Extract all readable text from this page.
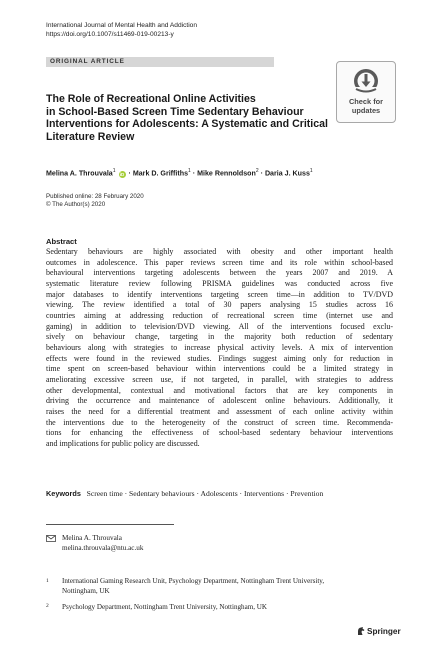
International Journal of Mental Health and Addiction
https://doi.org/10.1007/s11469-019-00213-y
ORIGINAL ARTICLE
Check for
updates
The Role of Recreational Online Activities
in School-Based Screen Time Sedentary Behaviour
Interventions for Adolescents: A Systematic and Critical
Literature Review
Melina A. Throuvala$^1$ iD · Mark D. Griffiths$^1$ · Mike Rennoldson$^2$ · Daria J. Kuss$^1$
Published online: 28 February 2020
© The Author(s) 2020
Abstract
Sedentary behaviours are highly associated with obesity and other important health
outcomes in adolescence. This paper reviews screen time and its role within school-based
behavioural interventions targeting adolescents between the years 2007 and 2019. A
systematic literature review following PRISMA guidelines was conducted across five
major databases to identify interventions targeting screen time—in addition to TV/DVD
viewing. The review identified a total of 30 papers analysing 15 studies across 16
countries aiming at addressing reduction of recreational screen time (internet use and
gaming) in addition to television/DVD viewing. All of the interventions focused exclu-
sively on behaviour change, targeting in the majority both reduction of sedentary
behaviours along with strategies to increase physical activity levels. A mix of intervention
effects were found in the reviewed studies. Findings suggest aiming only for reduction in
time spent on screen-based behaviour within interventions could be a limited strategy in
ameliorating excessive screen use, if not targeted, in parallel, with strategies to address
other developmental, contextual and motivational factors that are key components in
driving the occurrence and maintenance of adolescent online behaviours. Additionally, it
raises the need for a differential treatment and assessment of each online activity within
the interventions due to the heterogeneity of the construct of screen time. Recommenda-
tions for enhancing the effectiveness of school-based sedentary behaviour interventions
and implications for public policy are discussed.
Keywords Screen time · Sedentary behaviours · Adolescents · Interventions · Prevention
Melina A. Throuvala
melina.throuvala@ntu.ac.uk
1 International Gaming Research Unit, Psychology Department, Nottingham Trent University,
Nottingham, UK
2 Psychology Department, Nottingham Trent University, Nottingham, UK
Springer
